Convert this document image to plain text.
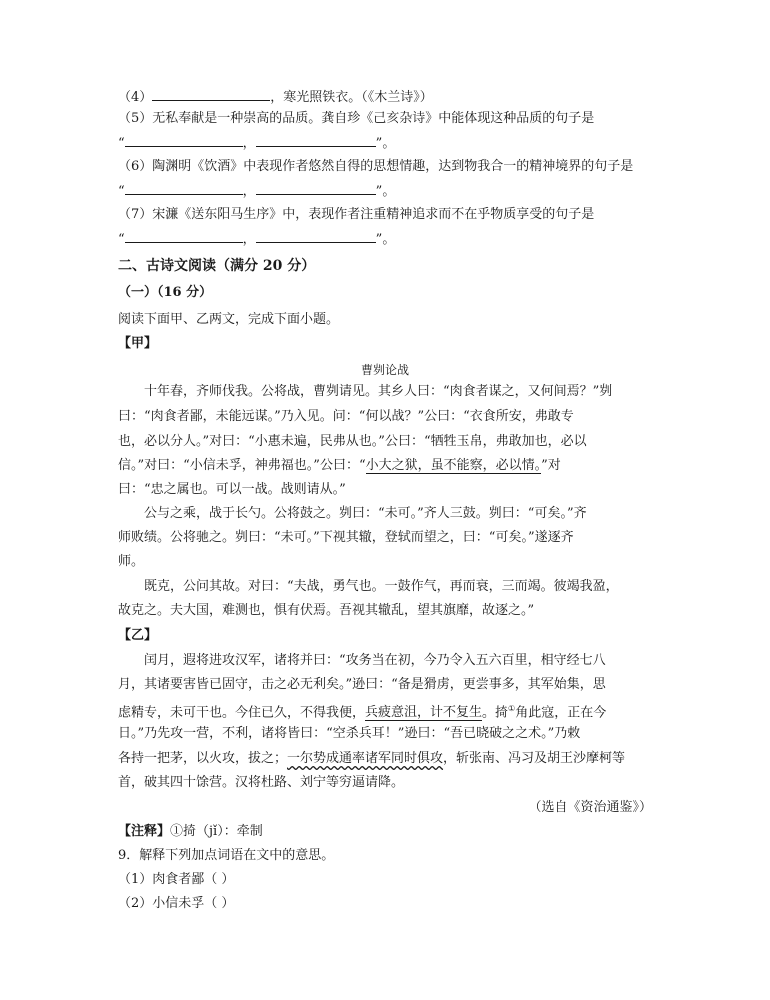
（4）	，寒光照铁衣。（《木兰诗》）
（5）无私奉献是一种崇高的品质。龚自珍《己亥杂诗》中能体现这种品质的句子是
“	，	”。
（6）陶渊明《饮酒》中表现作者悠然自得的思想情趣，达到物我合一的精神境界的句子是
“	，	”。
（7）宋濂《送东阳马生序》中，表现作者注重精神追求而不在乎物质享受的句子是
“	，	”。
二、古诗文阅读（满分 20 分）
（一）（16 分）
阅读下面甲、乙两文，完成下面小题。
【甲】
曹刿论战
十年春，齐师伐我。公将战，曹刿请见。其乡人曰：“肉食者谋之，又何间焉？”刿
曰：“肉食者鄙，未能远谋。”乃入见。问：“何以战？”公曰：“衣食所安，弗敢专
也，必以分人。”对曰：“小惠未遍，民弗从也。”公曰：“牺牲玉帛，弗敢加也，必以
信。”对曰：“小信未孚，神弗福也。”公曰：“小大之狱，虽不能察，必以情。”对
曰：“忠之属也。可以一战。战则请从。”
公与之乘，战于长勺。公将鼓之。刿曰：“未可。”齐人三鼓。刿曰：“可矣。”齐
师败绩。公将驰之。刿曰：“未可。”下视其辙，登轼而望之，曰：“可矣。”遂逐齐
师。
既克，公问其故。对曰：“夫战，勇气也。一鼓作气，再而衰，三而竭。彼竭我盈，
故克之。夫大国，难测也，惧有伏焉。吾视其辙乱，望其旗靡，故逐之。”
【乙】
闰月，遐将进攻汉军，诸将并曰：“攻务当在初，今乃令入五六百里，相守经七八
月，其诸要害皆已固守，击之必无利矣。”逊曰：“备是猾虏，更尝事多，其军始集，思
虑精专，未可干也。今住已久，不得我便，兵疲意沮，计不复生。掎①角此寇，正在今
日。”乃先攻一营，不利，诸将皆曰：“空杀兵耳！”逊曰：“吾已晓破之之术。”乃敕
各持一把茅，以火攻，拔之；一尔势成通率诸军同时俱攻，斩张南、冯习及胡王沙摩柯等
首，破其四十馀营。汉将杜路、刘宁等穷逼请降。
（选自《资治通鉴》）
【注释】①掎（jǐ）：牵制
9．解释下列加点词语在文中的意思。
（1）肉食者鄙（ ）
（2）小信未孚（ ）
